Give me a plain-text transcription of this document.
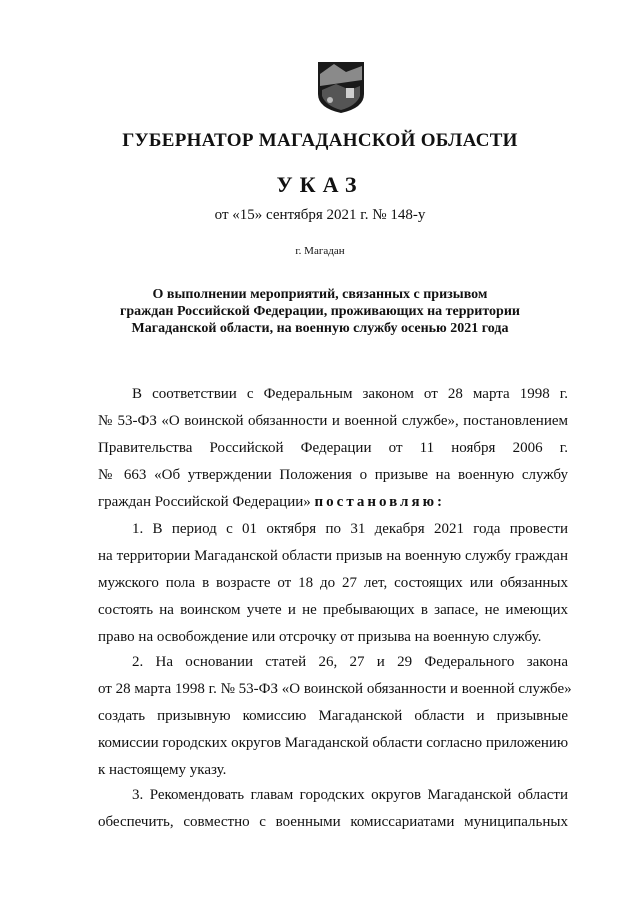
ГУБЕРНАТОР МАГАДАНСКОЙ ОБЛАСТИ
УКАЗ
от «15» сентября 2021 г. № 148-у
г. Магадан
О выполнении мероприятий, связанных с призывом
граждан Российской Федерации, проживающих на территории
Магаданской области, на военную службу осенью 2021 года
В соответствии с Федеральным законом от 28 марта 1998 г.
№ 53-ФЗ «О воинской обязанности и военной службе», постановлением
Правительства Российской Федерации от 11 ноября 2006 г.
№ 663 «Об утверждении Положения о призыве на военную службу
граждан Российской Федерации» постановляю:
1. В период с 01 октября по 31 декабря 2021 года провести
на территории Магаданской области призыв на военную службу граждан
мужского пола в возрасте от 18 до 27 лет, состоящих или обязанных
состоять на воинском учете и не пребывающих в запасе, не имеющих
право на освобождение или отсрочку от призыва на военную службу.
2. На основании статей 26, 27 и 29 Федерального закона
от 28 марта 1998 г. № 53-ФЗ «О воинской обязанности и военной службе»
создать призывную комиссию Магаданской области и призывные
комиссии городских округов Магаданской области согласно приложению
к настоящему указу.
3. Рекомендовать главам городских округов Магаданской области
обеспечить, совместно с военными комиссариатами муниципальных
